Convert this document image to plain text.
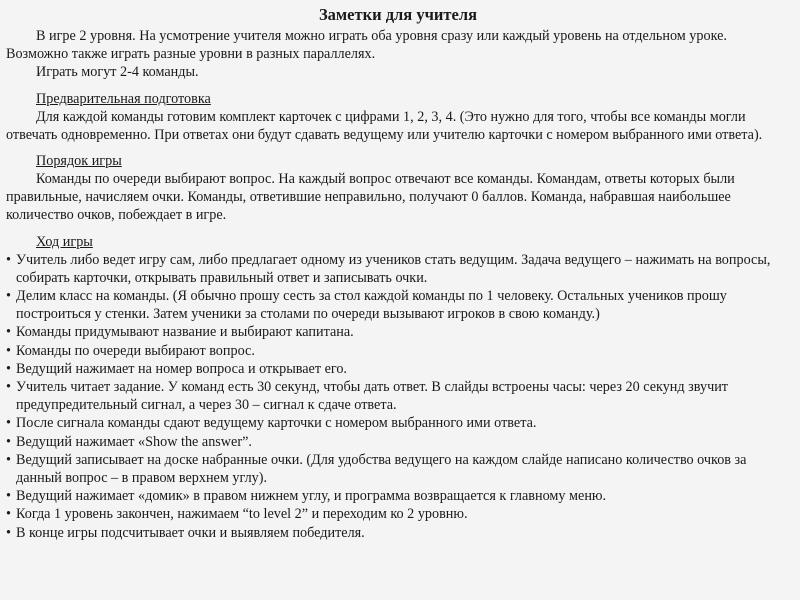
Заметки для учителя

В игре 2 уровня. На усмотрение учителя можно играть оба уровня сразу или каждый уровень на отдельном уроке. Возможно также играть разные уровни в разных параллелях.

Играть могут 2-4 команды.

Предварительная подготовка

Для каждой команды готовим комплект карточек с цифрами 1, 2, 3, 4. (Это нужно для того, чтобы все команды могли отвечать одновременно. При ответах они будут сдавать ведущему или учителю карточки с номером выбранного ими ответа).

Порядок игры

Команды по очереди выбирают вопрос. На каждый вопрос отвечают все команды. Командам, ответы которых были правильные, начисляем очки. Команды, ответившие неправильно, получают 0 баллов. Команда, набравшая наибольшее количество очков, побеждает в игре.

Ход игры
• Учитель либо ведет игру сам, либо предлагает одному из учеников стать ведущим. Задача ведущего – нажимать на вопросы, собирать карточки, открывать правильный ответ и записывать очки.
• Делим класс на команды. (Я обычно прошу сесть за стол каждой команды по 1 человеку. Остальных учеников прошу построиться у стенки. Затем ученики за столами по очереди вызывают игроков в свою команду.)
• Команды придумывают название и выбирают капитана.
• Команды по очереди выбирают вопрос.
• Ведущий нажимает на номер вопроса и открывает его.
• Учитель читает задание. У команд есть 30 секунд, чтобы дать ответ. В слайды встроены часы: через 20 секунд звучит предупредительный сигнал, а через 30 – сигнал к сдаче ответа.
• После сигнала команды сдают ведущему карточки с номером выбранного ими ответа.
• Ведущий нажимает «Show the answer”.
• Ведущий записывает на доске набранные очки. (Для удобства ведущего на каждом слайде написано количество очков за данный вопрос – в правом верхнем углу).
• Ведущий нажимает «домик» в правом нижнем углу, и программа возвращается к главному меню.
• Когда 1 уровень закончен, нажимаем “to level 2” и переходим ко 2 уровню.
• В конце игры подсчитывает очки и выявляем победителя.
